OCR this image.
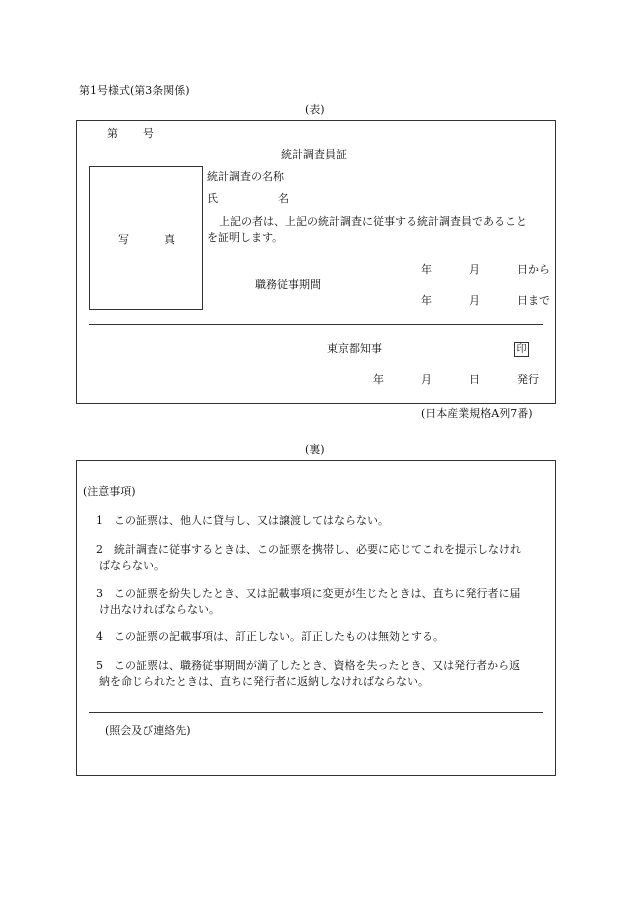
第1号様式(第3条関係)
(表)
第 号
統計調査員証
写	真
統計調査の名称
氏	名
上記の者は、上記の統計調査に従事する統計調査員であること
を証明します。
年	月	日から
職務従事期間
年	月	日まで
東京都知事	印
年	月	日	発行
(日本産業規格A列7番)
(裏)
(注意事項)
(照会及び連絡先)
1 この証票は、他人に貸与し、又は譲渡してはならない。
2 統計調査に従事するときは、この証票を携帯し、必要に応じてこれを提示しなけれ
ばならない。
3 この証票を紛失したとき、又は記載事項に変更が生じたときは、直ちに発行者に届
け出なければならない。
4 この証票の記載事項は、訂正しない。訂正したものは無効とする。
5 この証票は、職務従事期間が満了したとき、資格を失ったとき、又は発行者から返
納を命じられたときは、直ちに発行者に返納しなければならない。
